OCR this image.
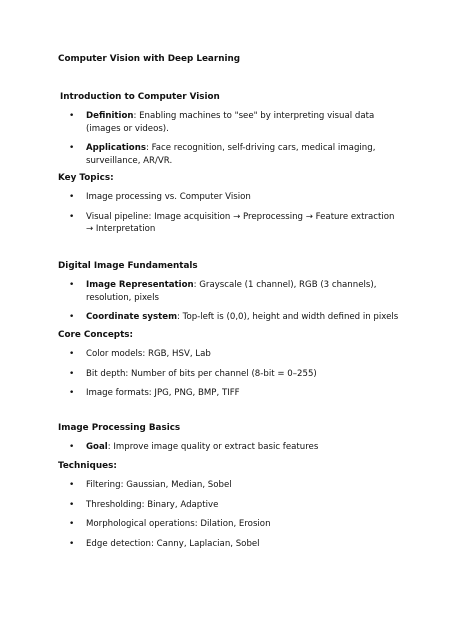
Computer Vision with Deep Learning
Introduction to Computer Vision
• Definition: Enabling machines to "see" by interpreting visual data (images or videos).
• Applications: Face recognition, self-driving cars, medical imaging, surveillance, AR/VR.
Key Topics:
• Image processing vs. Computer Vision
• Visual pipeline: Image acquisition → Preprocessing → Feature extraction → Interpretation
Digital Image Fundamentals
• Image Representation: Grayscale (1 channel), RGB (3 channels), resolution, pixels
• Coordinate system: Top-left is (0,0), height and width defined in pixels
Core Concepts:
• Color models: RGB, HSV, Lab
• Bit depth: Number of bits per channel (8-bit = 0–255)
• Image formats: JPG, PNG, BMP, TIFF
Image Processing Basics
• Goal: Improve image quality or extract basic features
Techniques:
• Filtering: Gaussian, Median, Sobel
• Thresholding: Binary, Adaptive
• Morphological operations: Dilation, Erosion
• Edge detection: Canny, Laplacian, Sobel
